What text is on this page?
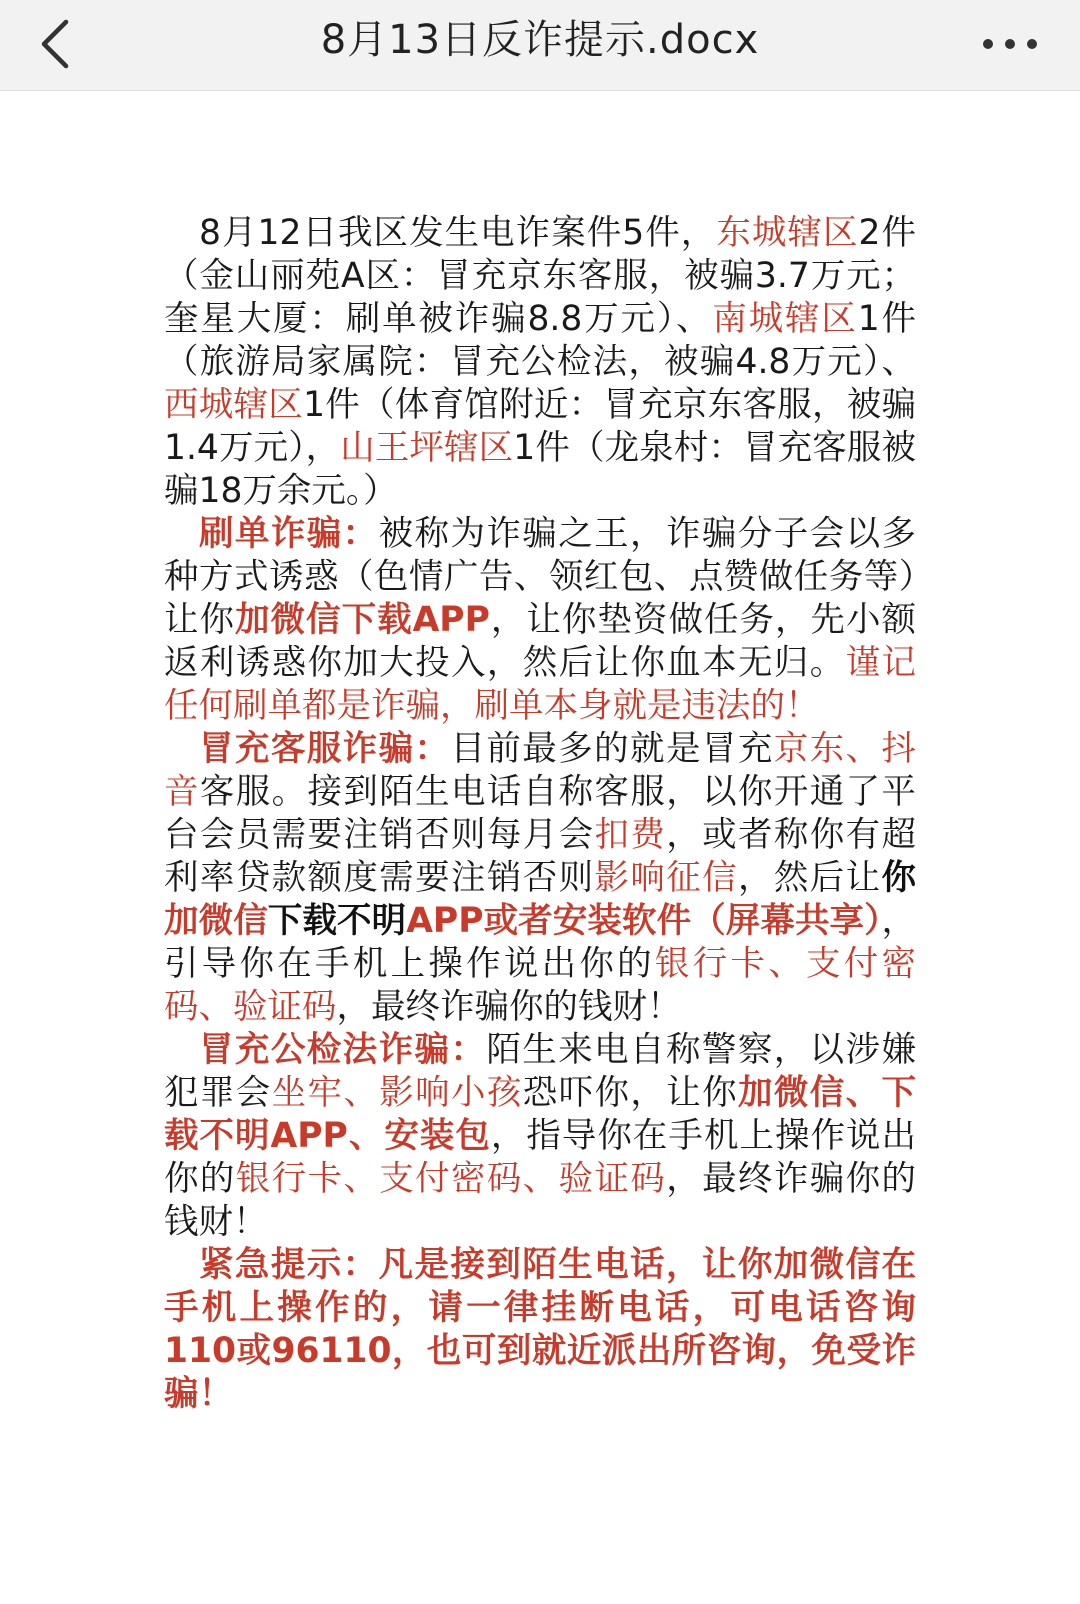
8月13日反诈提示.docx

8月12日我区发生电诈案件5件，东城辖区2件（金山丽苑A区：冒充京东客服，被骗3.7万元；奎星大厦：刷单被诈骗8.8万元）、南城辖区1件（旅游局家属院：冒充公检法，被骗4.8万元）、西城辖区1件（体育馆附近：冒充京东客服，被骗1.4万元），山王坪辖区1件（龙泉村：冒充客服被骗18万余元。）

刷单诈骗：被称为诈骗之王，诈骗分子会以多种方式诱惑（色情广告、领红包、点赞做任务等）让你加微信下载APP，让你垫资做任务，先小额返利诱惑你加大投入，然后让你血本无归。谨记任何刷单都是诈骗，刷单本身就是违法的！

冒充客服诈骗：目前最多的就是冒充京东、抖音客服。接到陌生电话自称客服，以你开通了平台会员需要注销否则每月会扣费，或者称你有超利率贷款额度需要注销否则影响征信，然后让你加微信下载不明APP或者安装软件（屏幕共享），引导你在手机上操作说出你的银行卡、支付密码、验证码，最终诈骗你的钱财！

冒充公检法诈骗：陌生来电自称警察，以涉嫌犯罪会坐牢、影响小孩恐吓你，让你加微信、下载不明APP、安装包，指导你在手机上操作说出你的银行卡、支付密码、验证码，最终诈骗你的钱财！

紧急提示：凡是接到陌生电话，让你加微信在手机上操作的，请一律挂断电话，可电话咨询110或96110，也可到就近派出所咨询，免受诈骗！
